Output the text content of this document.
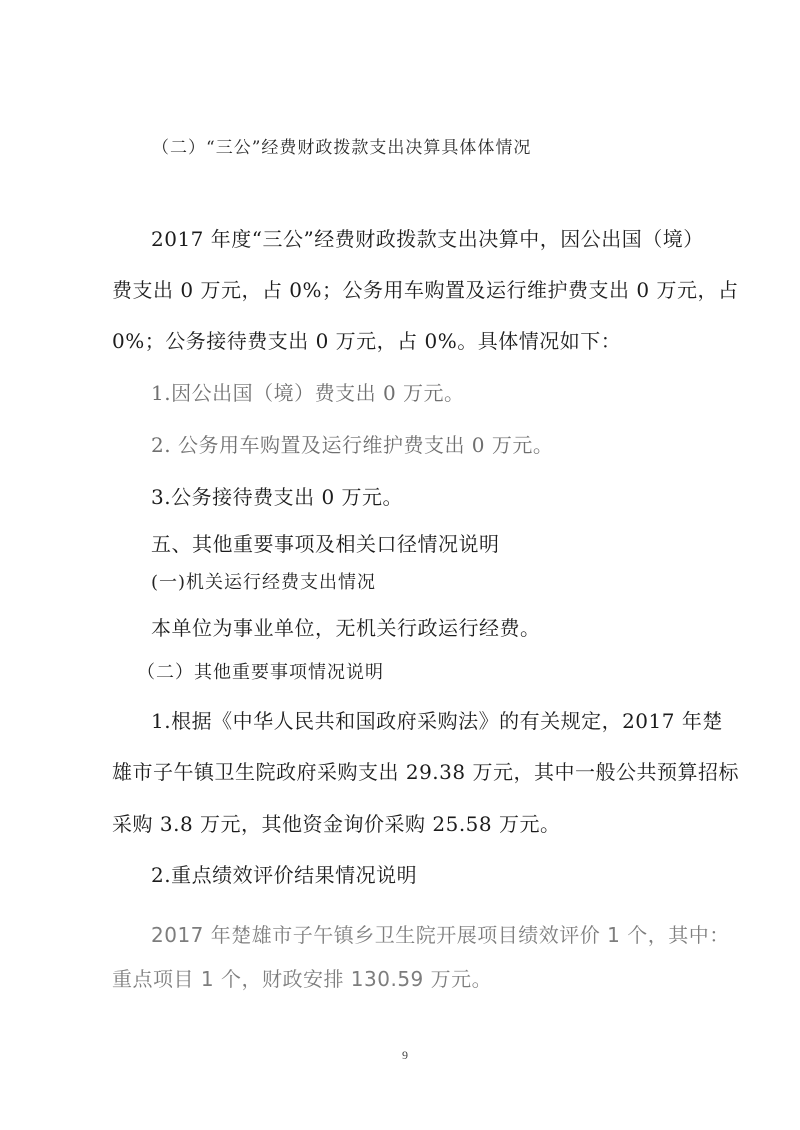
（二）“三公”经费财政拨款支出决算具体体情况
2017 年度“三公”经费财政拨款支出决算中，因公出国（境）
费支出 0 万元，占 0%；公务用车购置及运行维护费支出 0 万元，占
0%；公务接待费支出 0 万元，占 0%。具体情况如下：
1.因公出国（境）费支出 0 万元。
2. 公务用车购置及运行维护费支出 0 万元。
3.公务接待费支出 0 万元。
五、其他重要事项及相关口径情况说明
(一)机关运行经费支出情况
本单位为事业单位，无机关行政运行经费。
（二）其他重要事项情况说明
1.根据《中华人民共和国政府采购法》的有关规定，2017 年楚
雄市子午镇卫生院政府采购支出 29.38 万元，其中一般公共预算招标
采购 3.8 万元，其他资金询价采购 25.58 万元。
2.重点绩效评价结果情况说明
2017 年楚雄市子午镇乡卫生院开展项目绩效评价 1 个，其中：
重点项目 1 个，财政安排 130.59 万元。
9
